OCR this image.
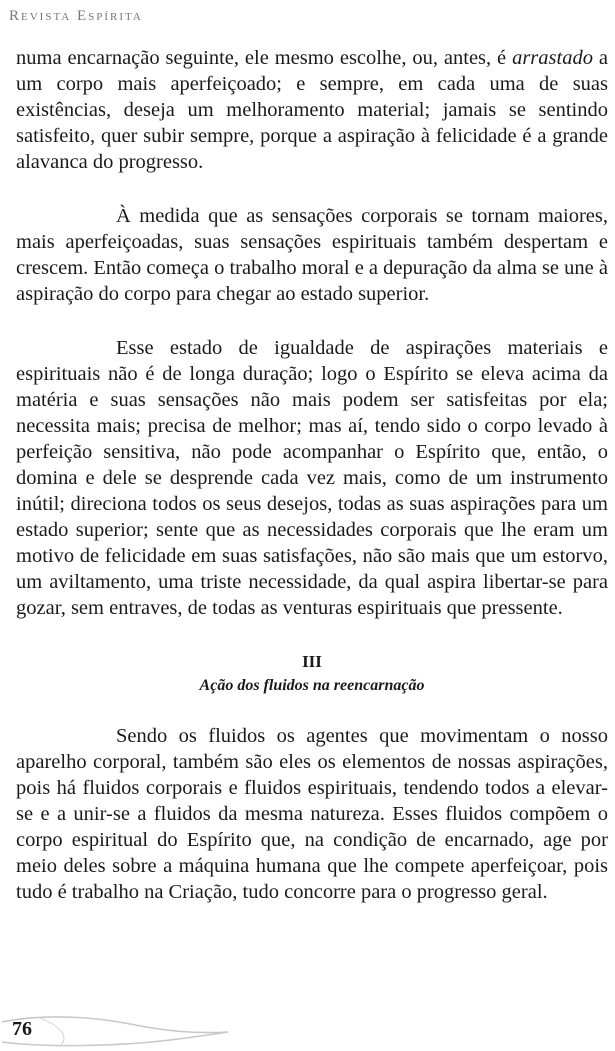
Revista Espírita

numa encarnação seguinte, ele mesmo escolhe, ou, antes, é arrastado a um corpo mais aperfeiçoado; e sempre, em cada uma de suas existências, deseja um melhoramento material; jamais se sentindo satisfeito, quer subir sempre, porque a aspiração à felicidade é a grande alavanca do progresso.

À medida que as sensações corporais se tornam maiores, mais aperfeiçoadas, suas sensações espirituais também despertam e crescem. Então começa o trabalho moral e a depuração da alma se une à aspiração do corpo para chegar ao estado superior.

Esse estado de igualdade de aspirações materiais e espirituais não é de longa duração; logo o Espírito se eleva acima da matéria e suas sensações não mais podem ser satisfeitas por ela; necessita mais; precisa de melhor; mas aí, tendo sido o corpo levado à perfeição sensitiva, não pode acompanhar o Espírito que, então, o domina e dele se desprende cada vez mais, como de um instrumento inútil; direciona todos os seus desejos, todas as suas aspirações para um estado superior; sente que as necessidades corporais que lhe eram um motivo de felicidade em suas satisfações, não são mais que um estorvo, um aviltamento, uma triste necessidade, da qual aspira libertar-se para gozar, sem entraves, de todas as venturas espirituais que pressente.

III
Ação dos fluidos na reencarnação

Sendo os fluidos os agentes que movimentam o nosso aparelho corporal, também são eles os elementos de nossas aspirações, pois há fluidos corporais e fluidos espirituais, tendendo todos a elevar-se e a unir-se a fluidos da mesma natureza. Esses fluidos compõem o corpo espiritual do Espírito que, na condição de encarnado, age por meio deles sobre a máquina humana que lhe compete aperfeiçoar, pois tudo é trabalho na Criação, tudo concorre para o progresso geral.

76
